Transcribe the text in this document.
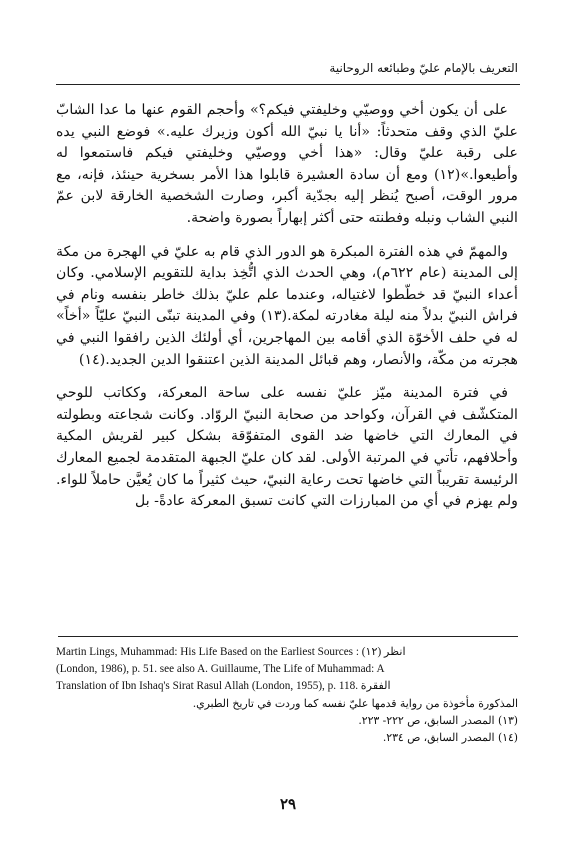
التعريف بالإمام عليّ وطبائعه الروحانية

على أن يكون أخي ووصيّي وخليفتي فيكم؟» وأحجم القوم عنها ما عدا الشابّ عليّ الذي وقف متحدثاً: «أنا يا نبيّ الله أكون وزيرك عليه.» فوضع النبي يده على رقبة عليّ وقال: «هذا أخي ووصيّي وخليفتي فيكم فاستمعوا له وأطيعوا.»(١٢) ومع أن سادة العشيرة قابلوا هذا الأمر بسخرية حينئذ، فإنه، مع مرور الوقت، أصبح يُنظر إليه بجدّية أكبر، وصارت الشخصية الخارقة لابن عمّ النبي الشاب ونبله وفطنته حتى أكثر إبهاراً بصورة واضحة.

والمهمّ في هذه الفترة المبكرة هو الدور الذي قام به عليّ في الهجرة من مكة إلى المدينة (عام ٦٢٢م)، وهي الحدث الذي اتُّخِذ بداية للتقويم الإسلامي. وكان أعداء النبيّ قد خطّطوا لاغتياله، وعندما علم عليّ بذلك خاطر بنفسه ونام في فراش النبيّ بدلاً منه ليلة مغادرته لمكة.(١٣) وفي المدينة تبنّى النبيّ عليّاً «أخاً» له في حلف الأخوّة الذي أقامه بين المهاجرين، أي أولئك الذين رافقوا النبي في هجرته من مكّة، والأنصار، وهم قبائل المدينة الذين اعتنقوا الدين الجديد.(١٤)

في فترة المدينة ميّز عليّ نفسه على ساحة المعركة، وككاتب للوحي المتكشّف في القرآن، وكواحد من صحابة النبيّ الروّاد. وكانت شجاعته وبطولته في المعارك التي خاضها ضد القوى المتفوّقة بشكل كبير لقريش المكية وأحلافهم، تأتي في المرتبة الأولى. لقد كان عليّ الجبهة المتقدمة لجميع المعارك الرئيسة تقريباً التي خاضها تحت رعاية النبيّ، حيث كثيراً ما كان يُعيَّن حاملاً للواء. ولم يهزم في أي من المبارزات التي كانت تسبق المعركة عادةً- بل

Martin Lings, Muhammad: His Life Based on the Earliest Sources : انظر (١٢)

(London, 1986), p. 51. see also A. Guillaume, The Life of Muhammad: A

Translation of Ibn Ishaq's Sirat Rasul Allah (London, 1955), p. 118. الفقرة

المذكورة مأخوذة من رواية قدمها عليّ نفسه كما وردت في تاريخ الطبري.

(١٣) المصدر السابق، ص ٢٢٢- ٢٢٣.

(١٤) المصدر السابق، ص ٢٣٤.

٢٩
